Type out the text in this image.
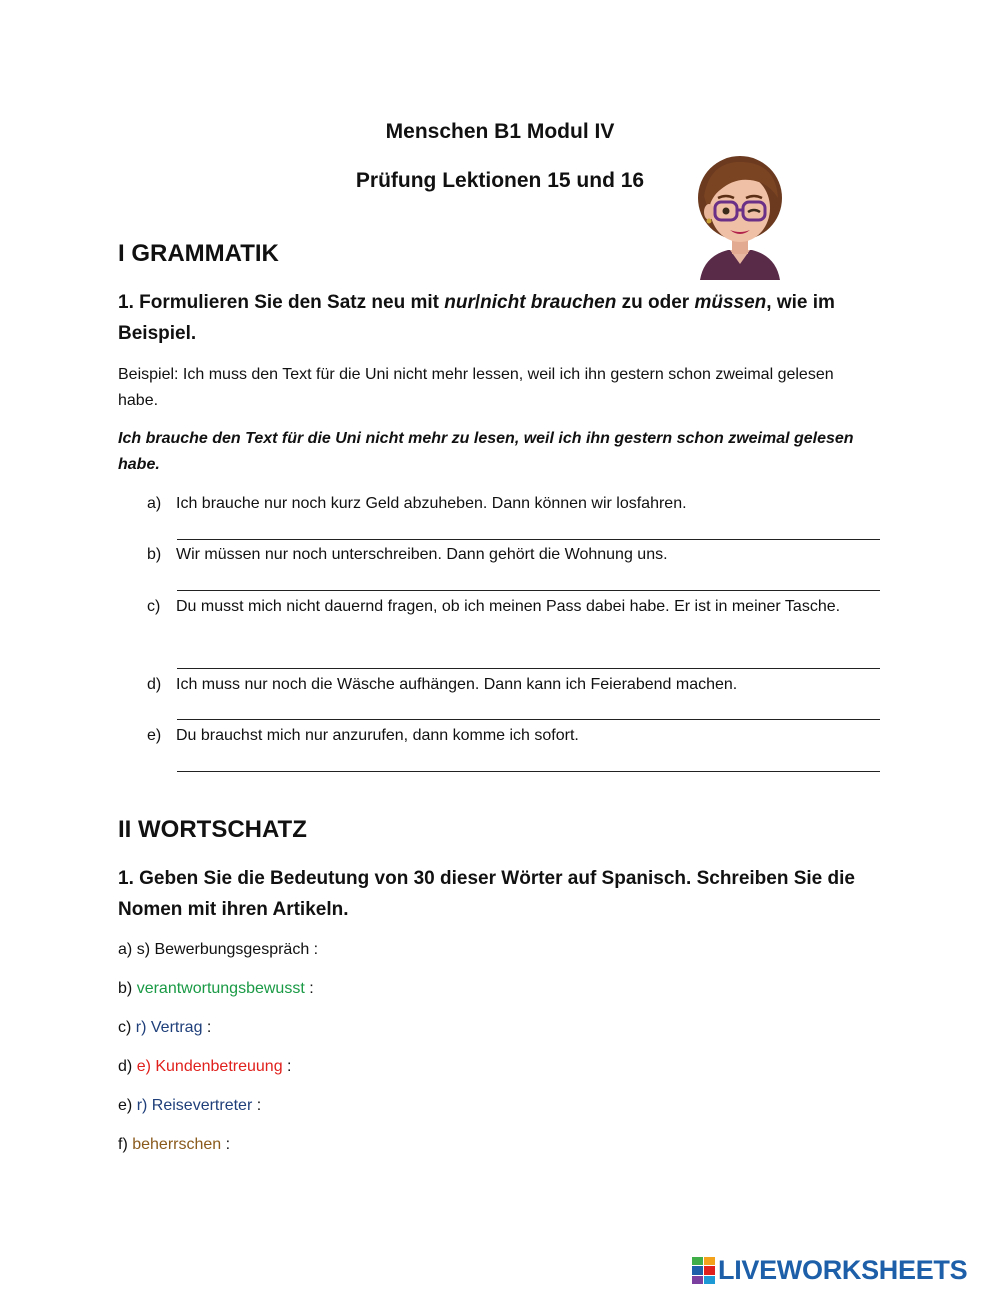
Menschen B1 Modul IV
Prüfung Lektionen 15 und 16
I GRAMMATIK
1. Formulieren Sie den Satz neu mit nur/nicht brauchen zu oder müssen, wie im Beispiel.
Beispiel: Ich muss den Text für die Uni nicht mehr lessen, weil ich ihn gestern schon zweimal gelesen habe.
Ich brauche den Text für die Uni nicht mehr zu lesen, weil ich ihn gestern schon zweimal gelesen habe.
a) Ich brauche nur noch kurz Geld abzuheben. Dann können wir losfahren.
b) Wir müssen nur noch unterschreiben. Dann gehört die Wohnung uns.
c) Du musst mich nicht dauernd fragen, ob ich meinen Pass dabei habe. Er ist in meiner Tasche.
d) Ich muss nur noch die Wäsche aufhängen. Dann kann ich Feierabend machen.
e) Du brauchst mich nur anzurufen, dann komme ich sofort.
II WORTSCHATZ
1. Geben Sie die Bedeutung von 30 dieser Wörter auf Spanisch. Schreiben Sie die Nomen mit ihren Artikeln.
a) s) Bewerbungsgespräch :
b) verantwortungsbewusst :
c) r) Vertrag :
d) e) Kundenbetreuung :
e) r) Reisevertreter :
f) beherrschen :
LIVEWORKSHEETS
